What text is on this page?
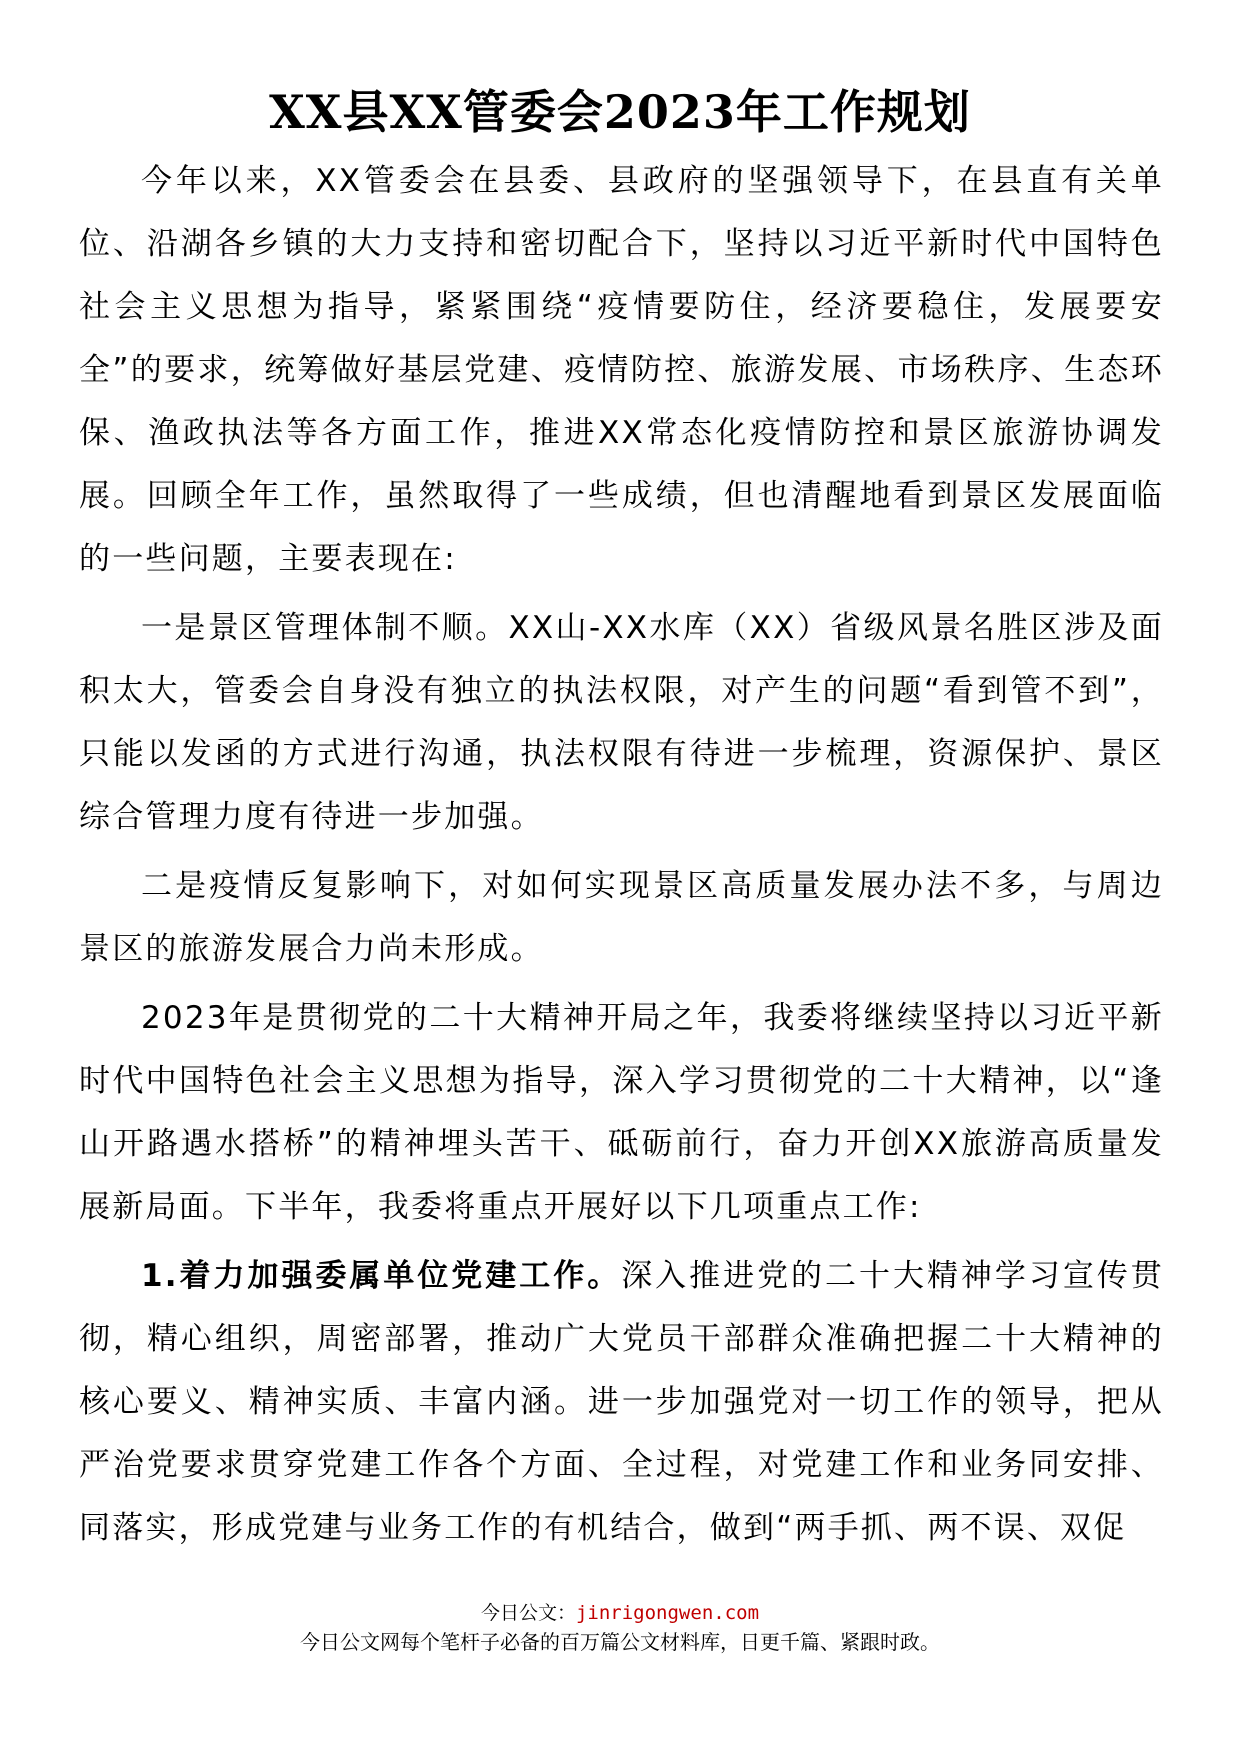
XX县XX管委会2023年工作规划

今年以来，XX管委会在县委、县政府的坚强领导下，在县直有关单位、沿湖各乡镇的大力支持和密切配合下，坚持以习近平新时代中国特色社会主义思想为指导，紧紧围绕“疫情要防住，经济要稳住，发展要安全”的要求，统筹做好基层党建、疫情防控、旅游发展、市场秩序、生态环保、渔政执法等各方面工作，推进XX常态化疫情防控和景区旅游协调发展。回顾全年工作，虽然取得了一些成绩，但也清醒地看到景区发展面临的一些问题，主要表现在:

一是景区管理体制不顺。XX山-XX水库（XX）省级风景名胜区涉及面积太大，管委会自身没有独立的执法权限，对产生的问题“看到管不到”，只能以发函的方式进行沟通，执法权限有待进一步梳理，资源保护、景区综合管理力度有待进一步加强。

二是疫情反复影响下，对如何实现景区高质量发展办法不多，与周边景区的旅游发展合力尚未形成。

2023年是贯彻党的二十大精神开局之年，我委将继续坚持以习近平新时代中国特色社会主义思想为指导，深入学习贯彻党的二十大精神，以“逢山开路遇水搭桥”的精神埋头苦干、砥砺前行，奋力开创XX旅游高质量发展新局面。下半年，我委将重点开展好以下几项重点工作:

1.着力加强委属单位党建工作。深入推进党的二十大精神学习宣传贯彻，精心组织，周密部署，推动广大党员干部群众准确把握二十大精神的核心要义、精神实质、丰富内涵。进一步加强党对一切工作的领导，把从严治党要求贯穿党建工作各个方面、全过程，对党建工作和业务同安排、同落实，形成党建与业务工作的有机结合，做到“两手抓、两不误、双促

今日公文：jinrigongwen.com
今日公文网每个笔杆子必备的百万篇公文材料库，日更千篇、紧跟时政。
